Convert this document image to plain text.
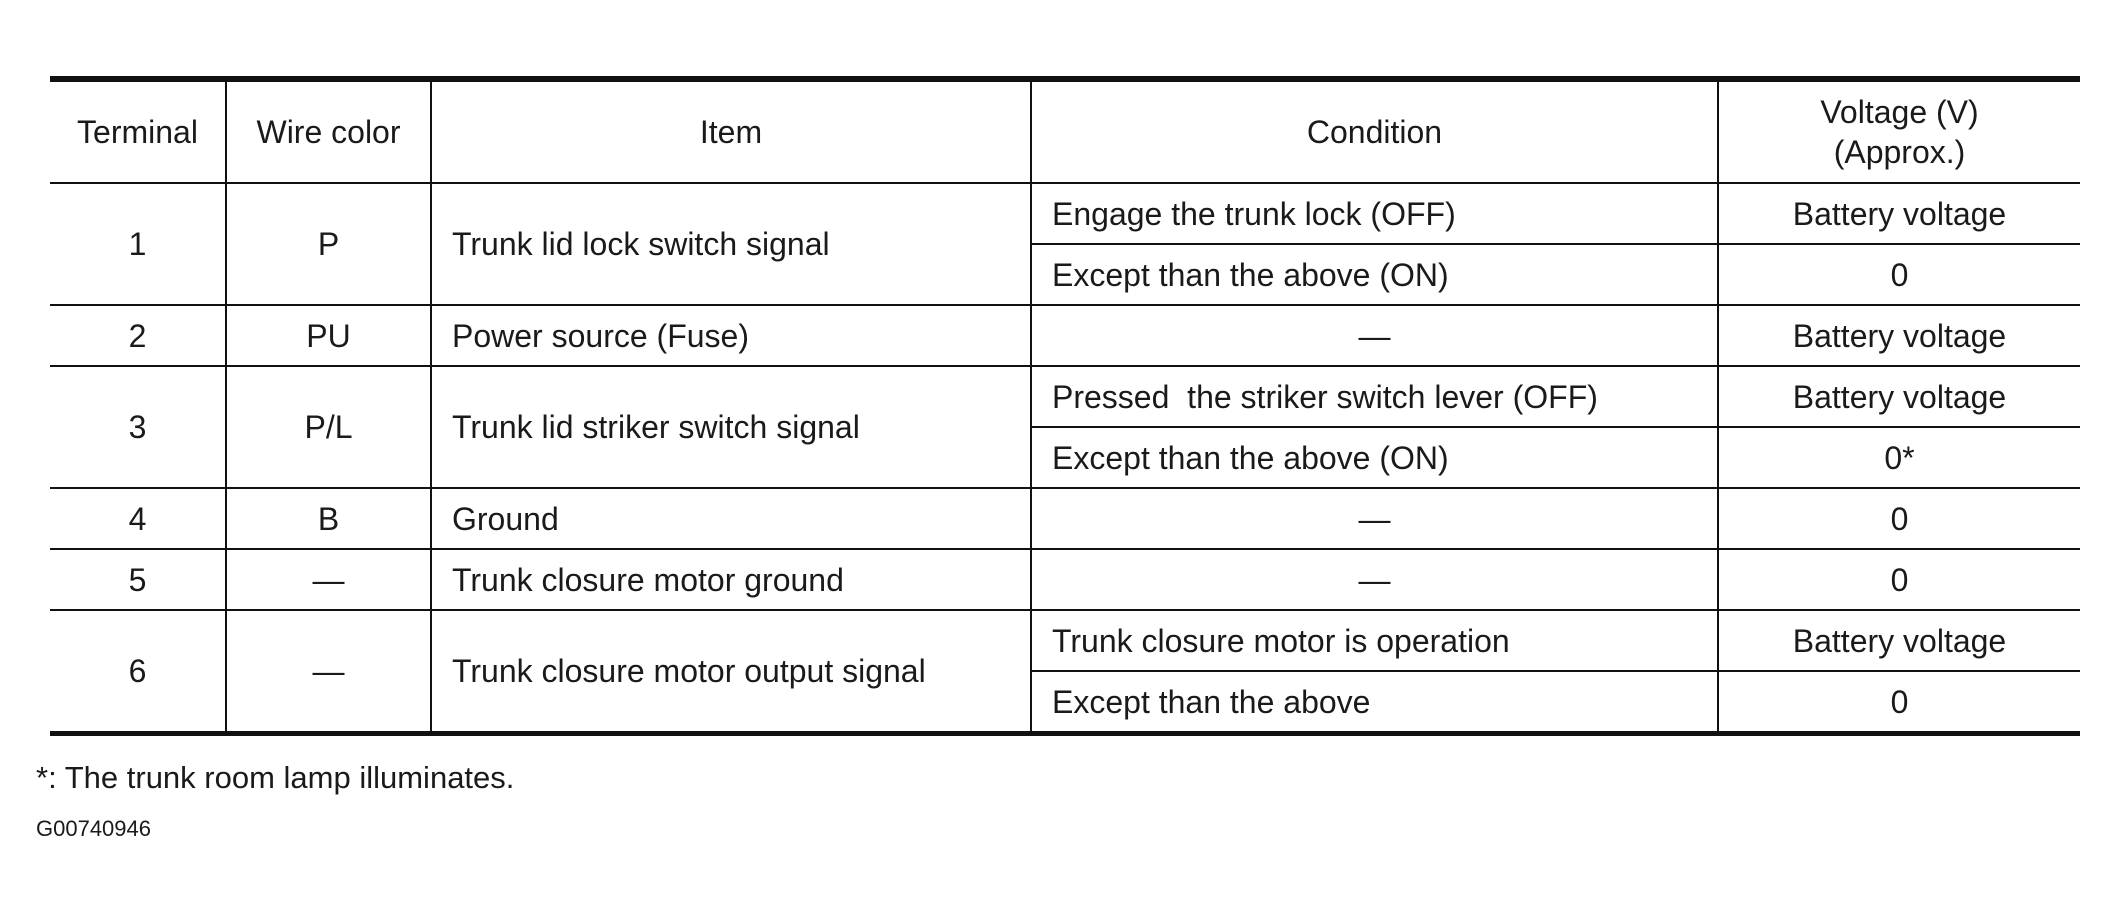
Terminal	Wire color	Item	Condition	Voltage (V)
(Approx.)

1	P	Trunk lid lock switch signal	Engage the trunk lock (OFF)	Battery voltage
			Except than the above (ON)	0
2	PU	Power source (Fuse)	—	Battery voltage
3	P/L	Trunk lid striker switch signal	Pressed  the striker switch lever (OFF)	Battery voltage
			Except than the above (ON)	0*
4	B	Ground	—	0
5	—	Trunk closure motor ground	—	0
6	—	Trunk closure motor output signal	Trunk closure motor is operation	Battery voltage
			Except than the above	0
*: The trunk room lamp illuminates.
G00740946
